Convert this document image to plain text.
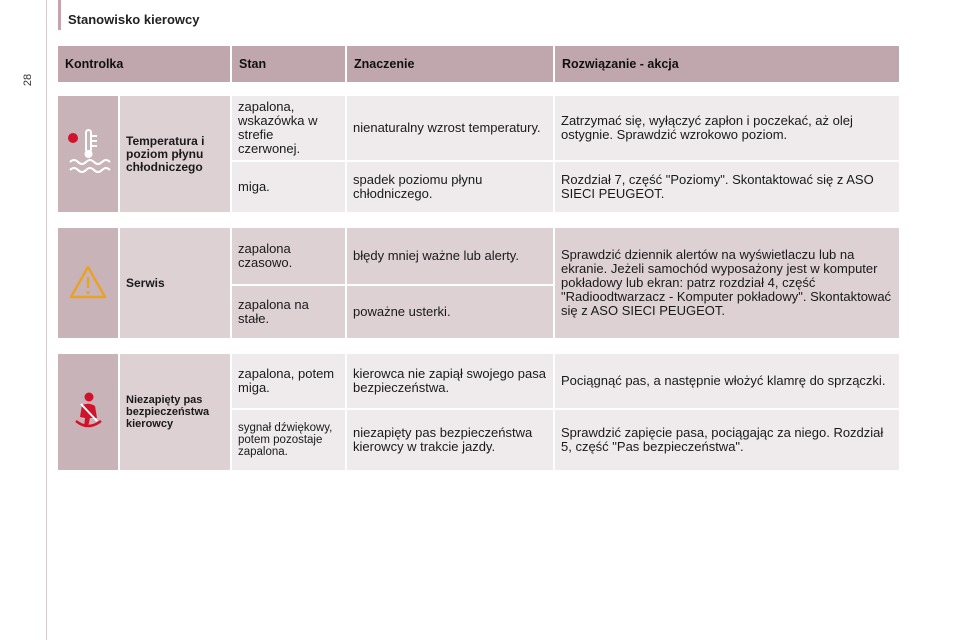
28
Stanowisko kierowcy
Kontrolka		Stan	Znaczenie	Rozwiązanie - akcja

	Temperatura i poziom płynu chłodniczego	zapalona, wskazówka w strefie czerwonej.	nienaturalny wzrost temperatury.	Zatrzymać się, wyłączyć zapłon i poczekać, aż olej ostygnie. Sprawdzić wzrokowo poziom.
		miga.	spadek poziomu płynu chłodniczego.	Rozdział 7, część "Poziomy". Skontaktować się z ASO SIECI PEUGEOT.

	Serwis	zapalona czasowo.	błędy mniej ważne lub alerty.	Sprawdzić dziennik alertów na wyświetlaczu lub na ekranie. Jeżeli samochód wyposażony jest w komputer pokładowy lub ekran: patrz rozdział 4, część "Radioodtwarzacz - Komputer pokładowy". Skontaktować się z ASO SIECI PEUGEOT.
		zapalona na stałe.	poważne usterki.	

	Niezapięty pas bezpieczeństwa kierowcy	zapalona, potem miga.	kierowca nie zapiął swojego pasa bezpieczeństwa.	Pociągnąć pas, a następnie włożyć klamrę do sprzączki.
		sygnał dźwiękowy, potem pozostaje zapalona.	niezapięty pas bezpieczeństwa kierowcy w trakcie jazdy.	Sprawdzić zapięcie pasa, pociągając za niego. Rozdział 5, część "Pas bezpieczeństwa".
